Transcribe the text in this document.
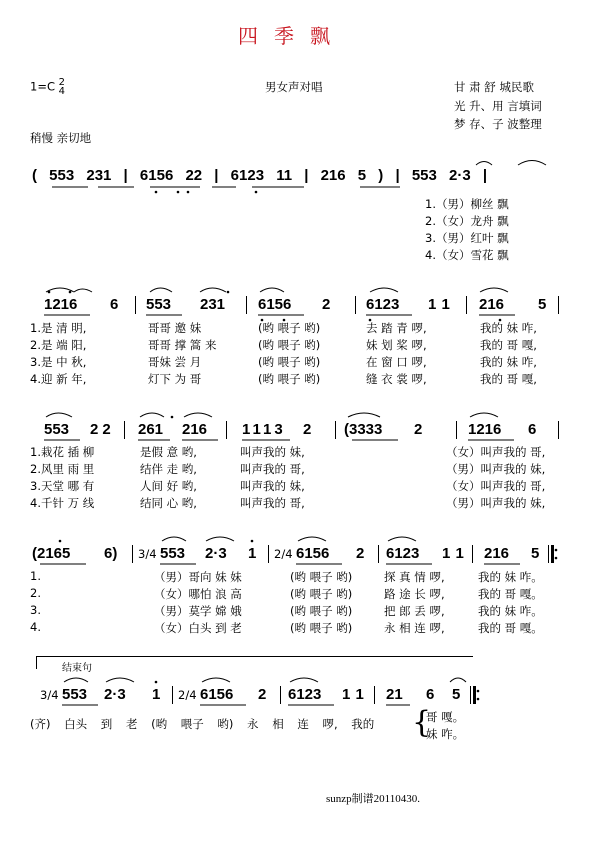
四季飘
1=C 2
4	男女声对唱	甘 肃 舒 城民歌
光 升、用 言填词
梦 存、子 波整理
稍慢 亲切地
( 553 231 | 6156 22 | 6123 11 | 216 5 ) | 553 2·3 |
1.（男）柳丝 飘
2.（女）龙舟 飘
3.（男）红叶 飘
4.（女）雪花 飘
1216 6 553 231 6156 2 6123 11 216 5
1.是 清 明,	哥哥 邀 妹	(哟 喂子 哟)	去 踏 青 啰,	我的 妹 咋,
2.是 端 阳,	哥哥 撑 篙 来	(哟 喂子 哟)	妹 划 桨 啰,	我的 哥 嘎,
3.是 中 秋,	哥妹 尝 月	(哟 喂子 哟)	在 窗 口 啰,	我的 妹 咋,
4.迎 新 年,	灯下 为 哥	(哟 喂子 哟)	缝 衣 裳 啰,	我的 哥 嘎,
553 22 261 216 1113 2 (3333 2	1216 6
1.栽花 插 柳	是假 意 哟,	叫声我的 妹,	（女）叫声我的 哥,
2.风里 雨 里	结伴 走 哟,	叫声我的 哥,	（男）叫声我的 妹,
3.天堂 哪 有	人间 好 哟,	叫声我的 妹,	（女）叫声我的 哥,
4.千针 万 线	结同 心 哟,	叫声我的 哥,	（男）叫声我的 妹,
(2165 6) 3/4 553 2·3 1 2/4 6156 2 6123 11 216 5
1.	（男）哥向 妹 妹	(哟 喂子 哟)	探 真 情 啰,	我的 妹 咋。
2.	（女）哪怕 浪 高	(哟 喂子 哟)	路 途 长 啰,	我的 哥 嘎。
3.	（男）莫学 嫦 娥	(哟 喂子 哟)	把 郎 丢 啰,	我的 妹 咋。
4.	（女）白头 到 老	(哟 喂子 哟)	永 相 连 啰,	我的 哥 嘎。
结束句
3/4 553 2·3 1 2/4 6156 2 6123 11 21 6 5
(齐) 白头 到 老 (哟 喂子 哟) 永 相 连 啰, 我的 {
哥 嘎。
妹 咋。
sunzp制谱20110430.
